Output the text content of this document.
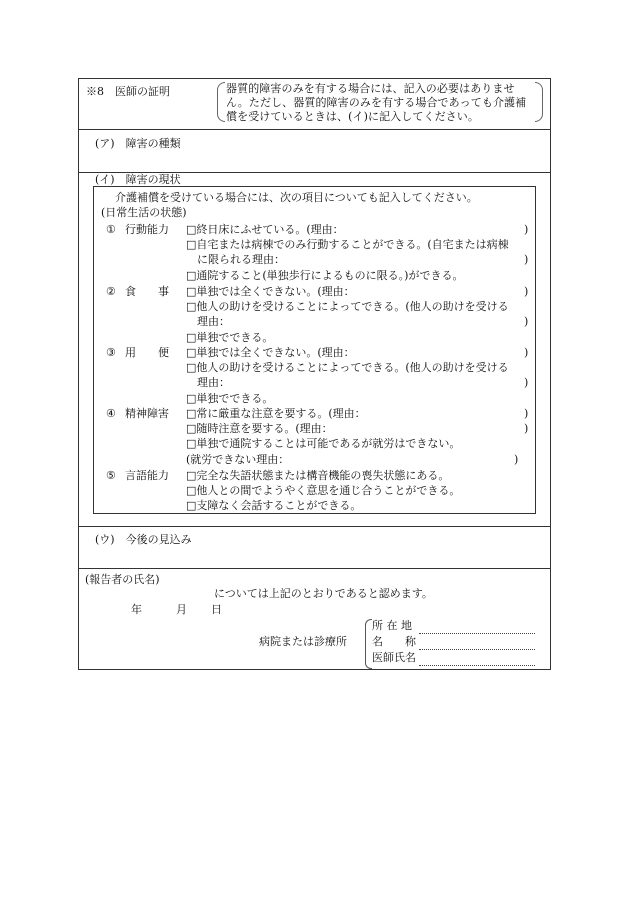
※8　医師の証明	器質的障害のみを有する場合には、記入の必要はありませ
ん。ただし、器質的障害のみを有する場合であっても介護補
償を受けているときは、(イ)に記入してください。
(ア)　障害の種類
(イ)　障害の現状
介護補償を受けている場合には、次の項目についても記入してください。
(日常生活の状態)
① 行動能力 □終日床にふせている。(理由：
□自宅または病棟でのみ行動することができる。(自宅または病棟
に限られる理由：
□通院すること(単独歩行によるものに限る。)ができる。
)
)
② 食　　事 □単独では全くできない。(理由：
□他人の助けを受けることによってできる。(他人の助けを受ける
理由：
□単独でできる。
)
)
③ 用　　便 □単独では全くできない。(理由：
□他人の助けを受けることによってできる。(他人の助けを受ける
理由：
□単独でできる。
)
)
④ 精神障害 □常に厳重な注意を要する。(理由：
□随時注意を要する。(理由：
□単独で通院することは可能であるが就労はできない。
(就労できない理由：
)
)
)
⑤ 言語能力 □完全な失語状態または構音機能の喪失状態にある。
□他人との間でようやく意思を通じ合うことができる。
□支障なく会話することができる。
(ウ)　今後の見込み
(報告者の氏名)
については上記のとおりであると認めます。
年	月 日
病院または診療所
所 在 地
名　　称
医師氏名
